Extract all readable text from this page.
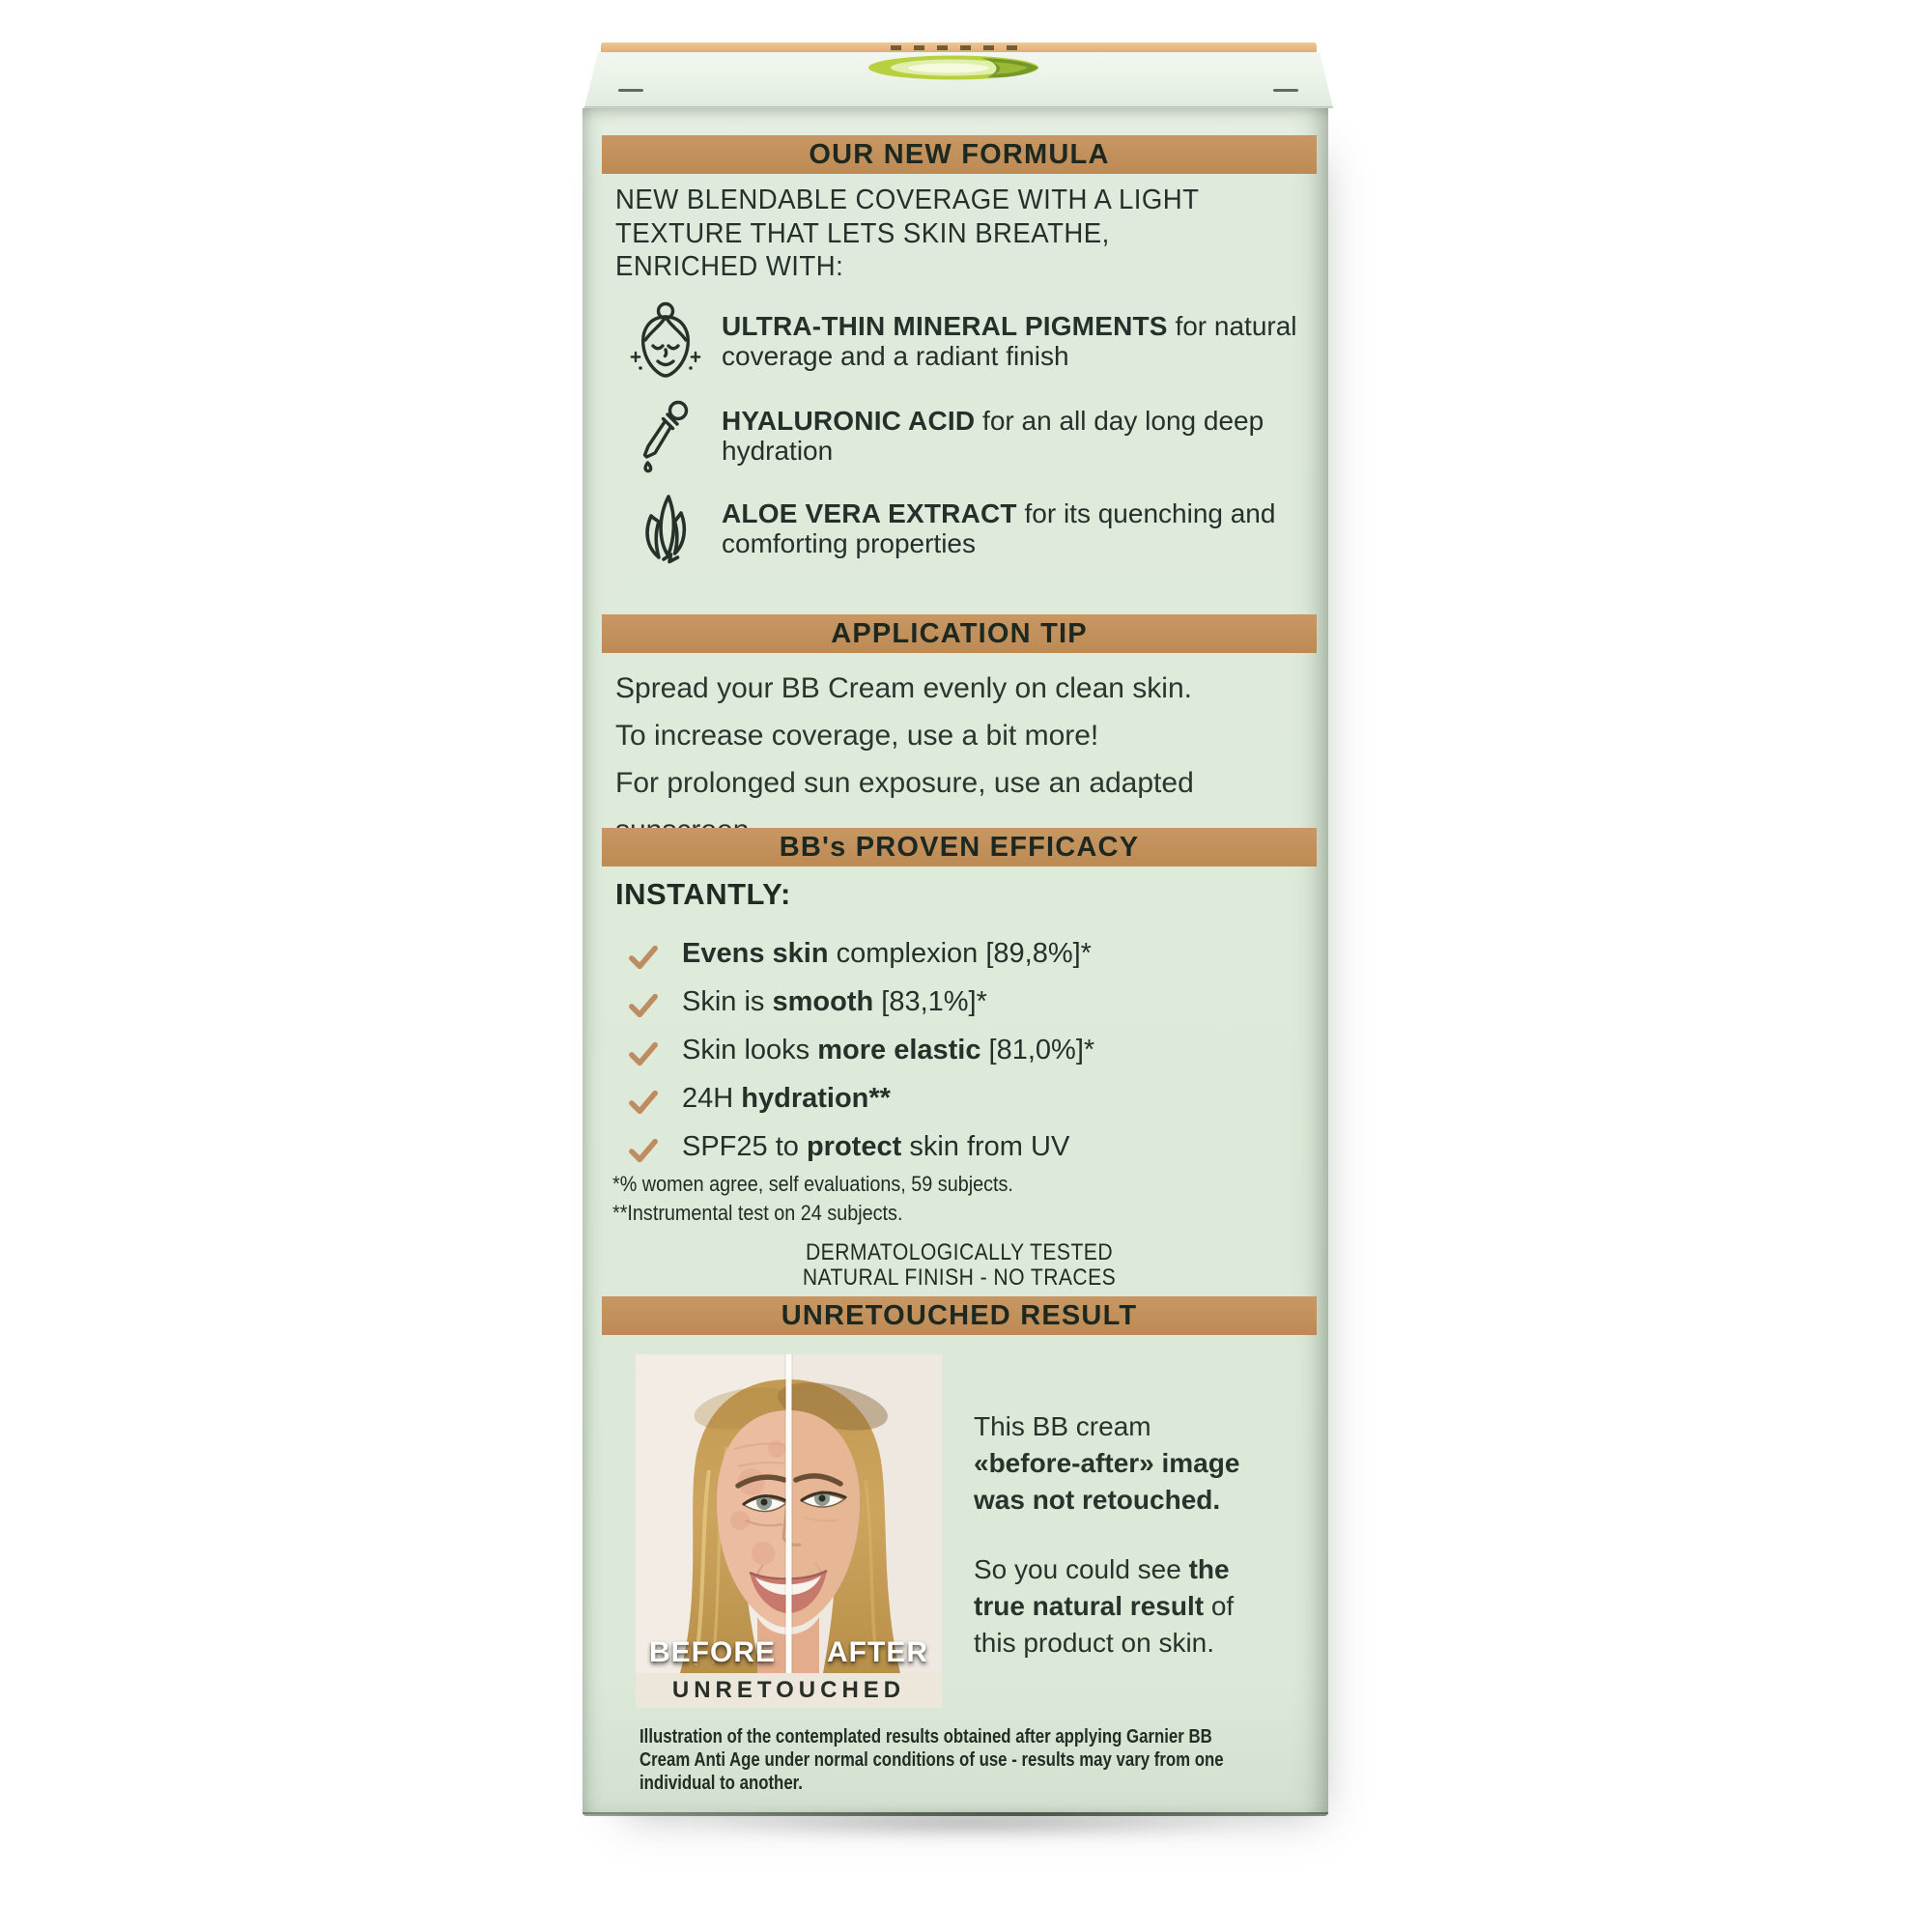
OUR NEW FORMULA
NEW BLENDABLE COVERAGE WITH A LIGHT
TEXTURE THAT LETS SKIN BREATHE,
ENRICHED WITH:
ULTRA-THIN MINERAL PIGMENTS for natural coverage and a radiant finish
HYALURONIC ACID for an all day long deep hydration
ALOE VERA EXTRACT for its quenching and comforting properties
APPLICATION TIP
Spread your BB Cream evenly on clean skin.
To increase coverage, use a bit more!
For prolonged sun exposure, use an adapted
BB's PROVEN EFFICACY
INSTANTLY:
Evens skin complexion [89,8%]*
Skin is smooth [83,1%]*
Skin looks more elastic [81,0%]*
24H hydration**
SPF25 to protect skin from UV
*% women agree, self evaluations, 59 subjects.
**Instrumental test on 24 subjects.
DERMATOLOGICALLY TESTED
NATURAL FINISH - NO TRACES
UNRETOUCHED RESULT
BEFORE AFTER
UNRETOUCHED
This BB cream
«before-after» image
was not retouched.
So you could see the
true natural result of
this product on skin.
Illustration of the contemplated results obtained after applying Garnier BB
Cream Anti Age under normal conditions of use - results may vary from one
individual to another.
